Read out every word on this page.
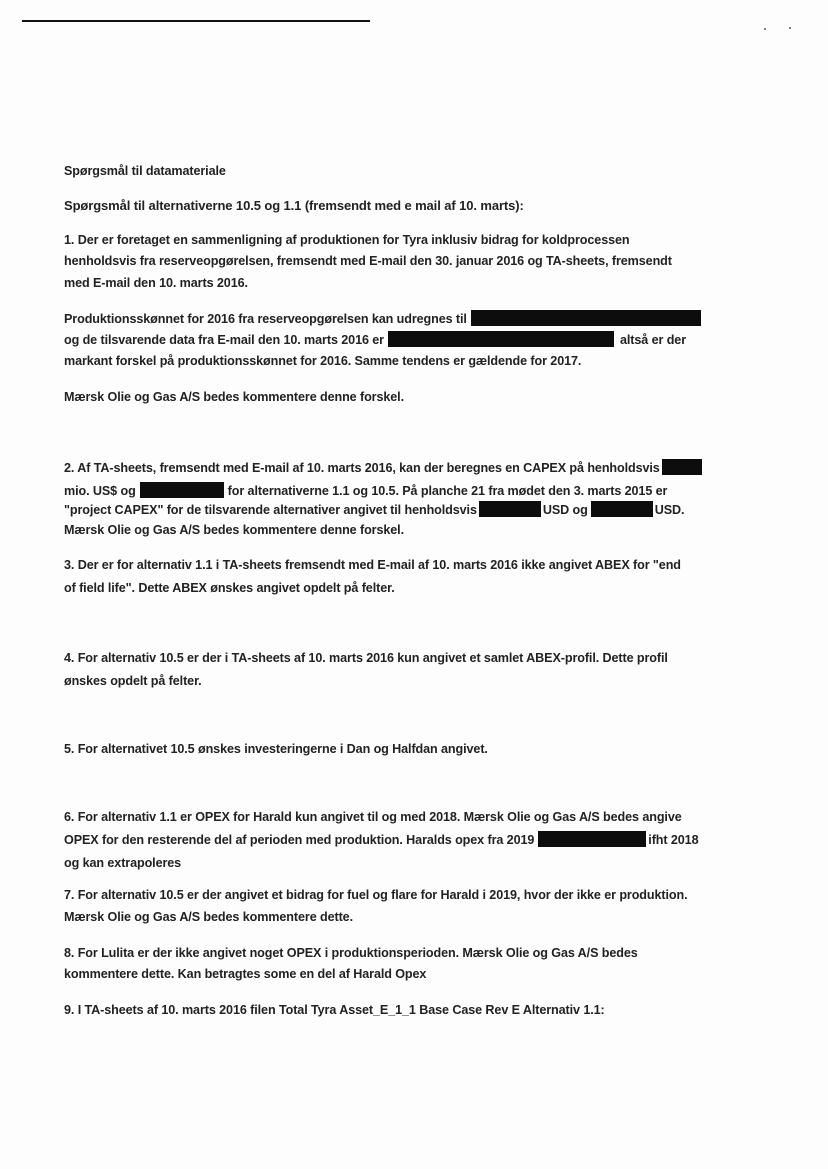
Spørgsmål til datamateriale
Spørgsmål til alternativerne 10.5 og 1.1 (fremsendt med e mail af 10. marts):
1. Der er foretaget en sammenligning af produktionen for Tyra inklusiv bidrag for koldprocessen
henholdsvis fra reserveopgørelsen, fremsendt med E-mail den 30. januar 2016 og TA-sheets, fremsendt
med E-mail den 10. marts 2016.
Produktionsskønnet for 2016 fra reserveopgørelsen kan udregnes til
og de tilsvarende data fra E-mail den 10. marts 2016 er	altså er der
markant forskel på produktionsskønnet for 2016. Samme tendens er gældende for 2017.
Mærsk Olie og Gas A/S bedes kommentere denne forskel.
2. Af TA-sheets, fremsendt med E-mail af 10. marts 2016, kan der beregnes en CAPEX på henholdsvis
mio. US$ og	for alternativerne 1.1 og 10.5. På planche 21 fra mødet den 3. marts 2015 er
"project CAPEX" for de tilsvarende alternativer angivet til henholdsvis	USD og	USD.
Mærsk Olie og Gas A/S bedes kommentere denne forskel.
3. Der er for alternativ 1.1 i TA-sheets fremsendt med E-mail af 10. marts 2016 ikke angivet ABEX for "end
of field life". Dette ABEX ønskes angivet opdelt på felter.
4. For alternativ 10.5 er der i TA-sheets af 10. marts 2016 kun angivet et samlet ABEX-profil. Dette profil
ønskes opdelt på felter.
5. For alternativet 10.5 ønskes investeringerne i Dan og Halfdan angivet.
6. For alternativ 1.1 er OPEX for Harald kun angivet til og med 2018. Mærsk Olie og Gas A/S bedes angive
OPEX for den resterende del af perioden med produktion. Haralds opex fra 2019	ifht 2018
og kan extrapoleres
7. For alternativ 10.5 er der angivet et bidrag for fuel og flare for Harald i 2019, hvor der ikke er produktion.
Mærsk Olie og Gas A/S bedes kommentere dette.
8. For Lulita er der ikke angivet noget OPEX i produktionsperioden. Mærsk Olie og Gas A/S bedes
kommentere dette. Kan betragtes some en del af Harald Opex
9. I TA-sheets af 10. marts 2016 filen Total Tyra Asset_E_1_1 Base Case Rev E Alternativ 1.1:
